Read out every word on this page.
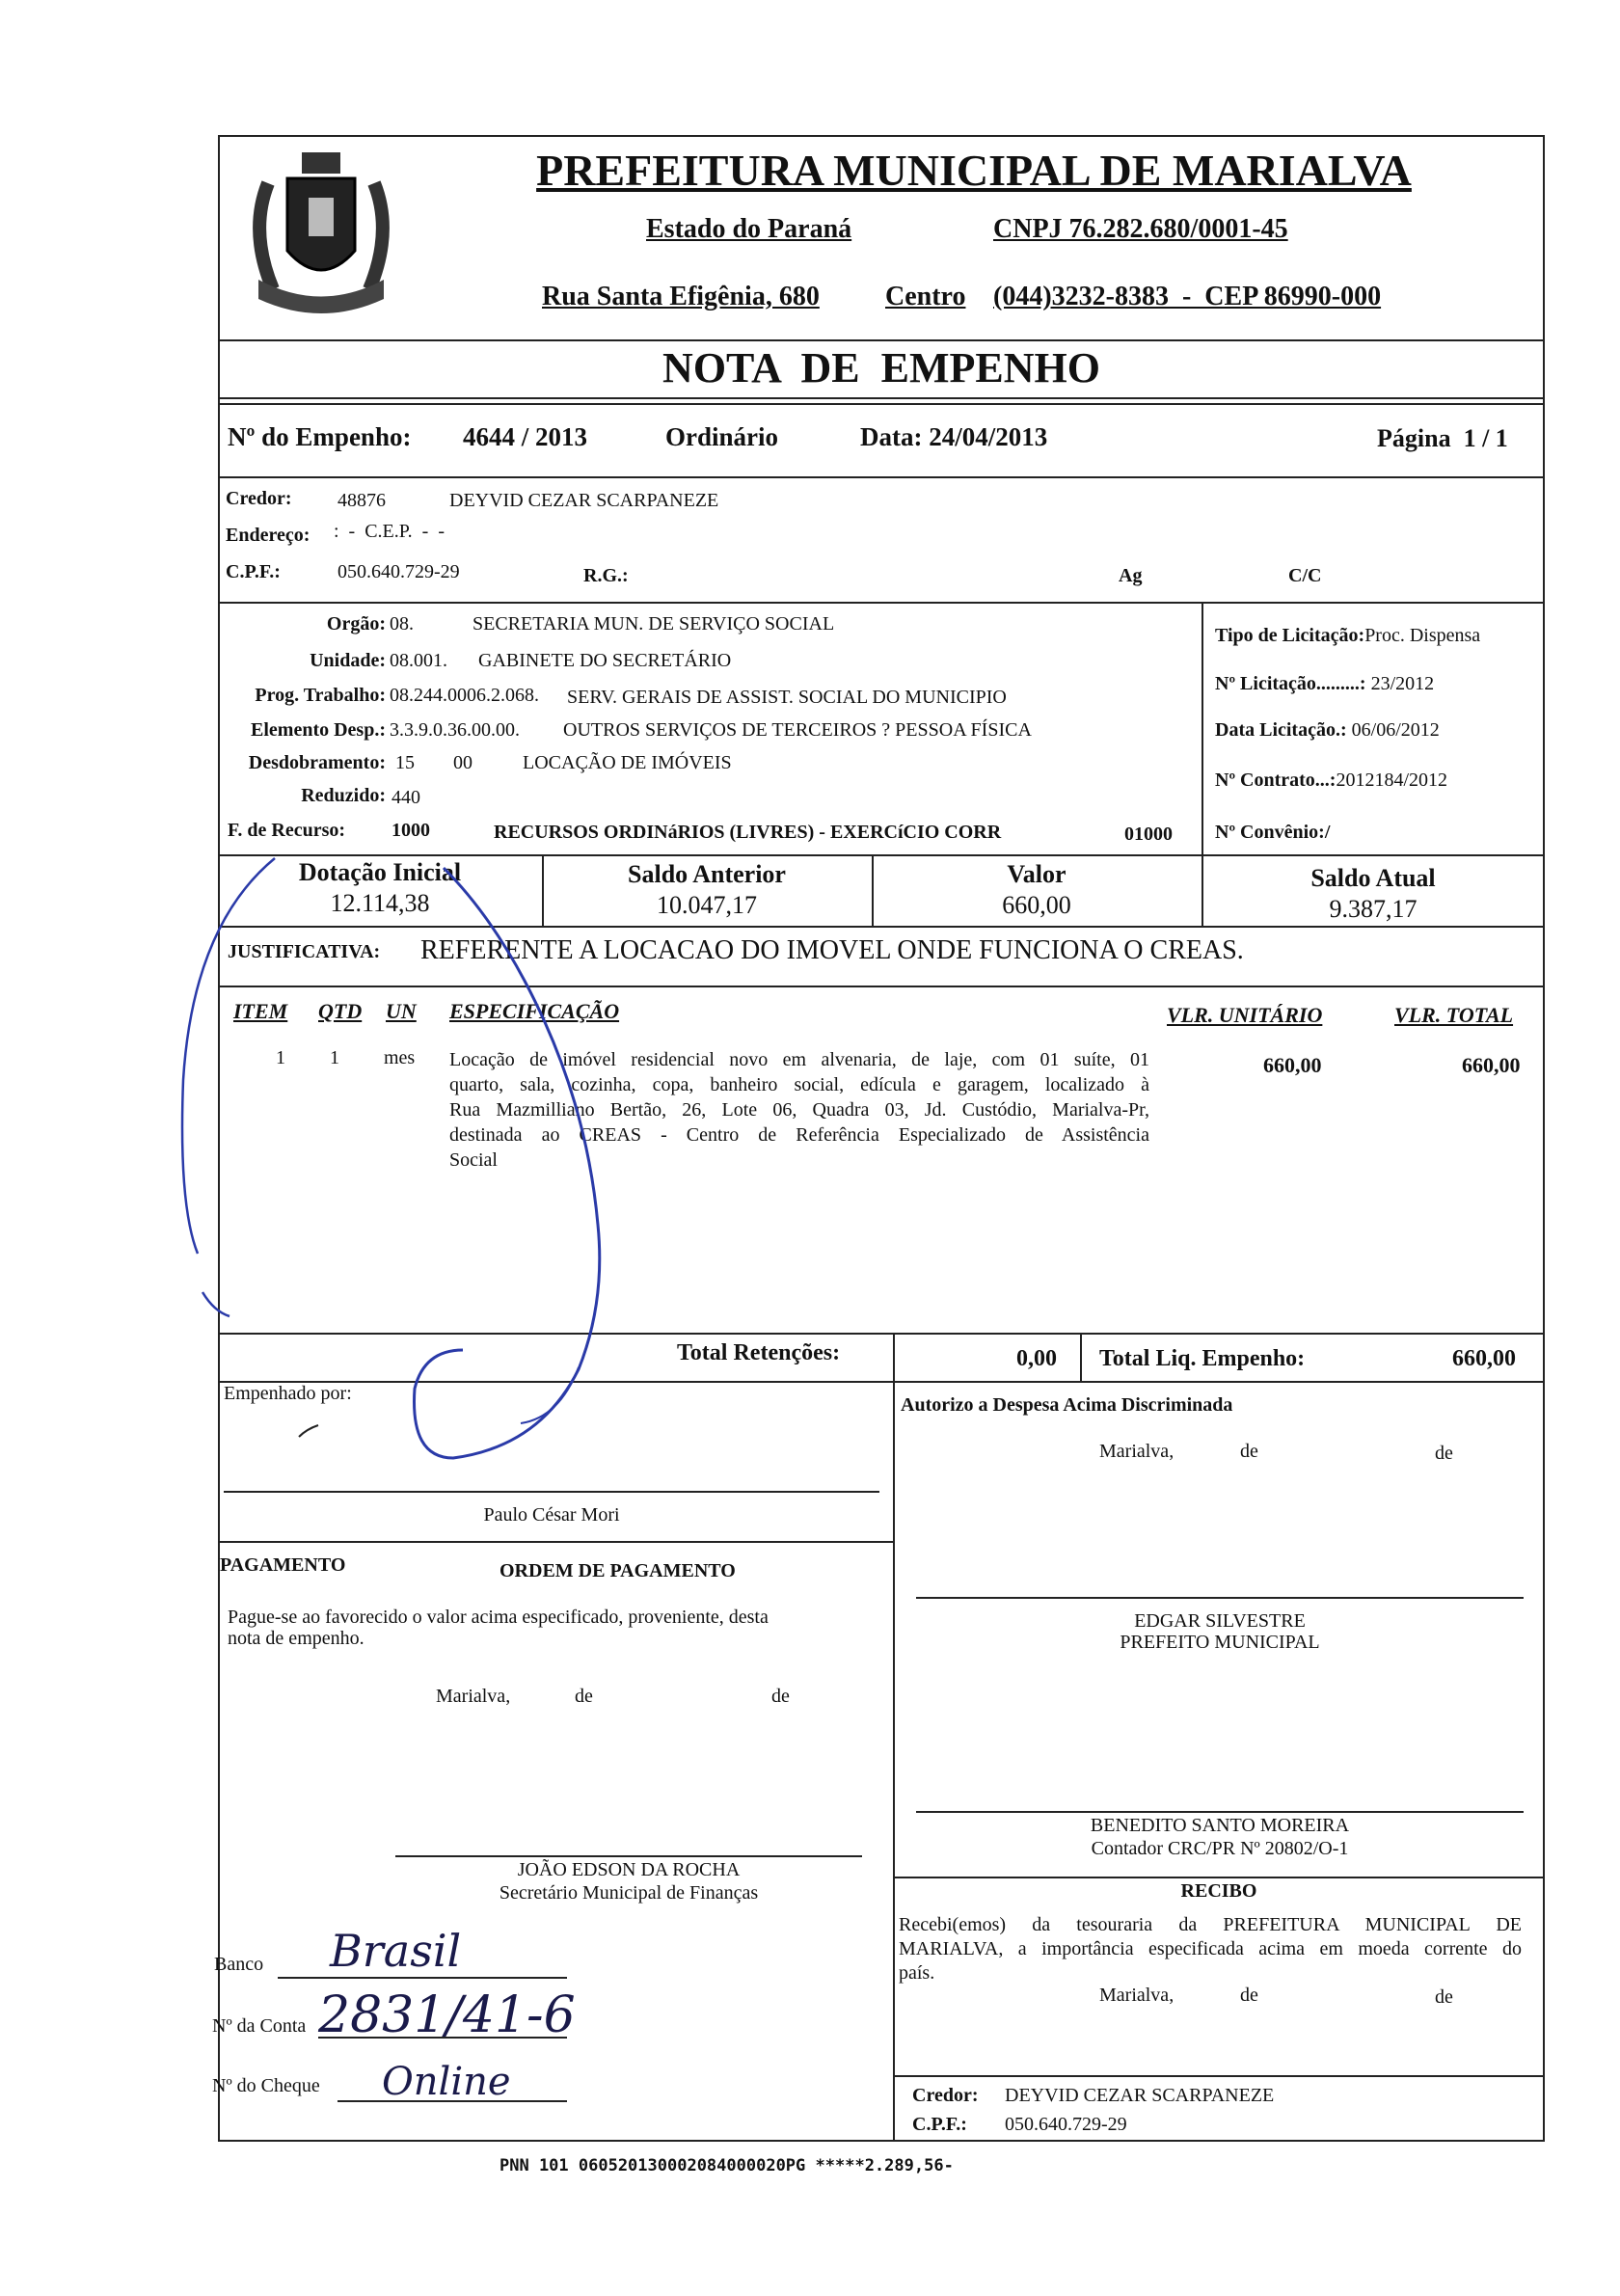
PREFEITURA MUNICIPAL DE MARIALVA
Estado do Paraná	CNPJ 76.282.680/0001-45
Rua Santa Efigênia, 680 Centro (044)3232-8383  -  CEP 86990-000
NOTA  DE  EMPENHO
Nº do Empenho: 4644 / 2013	Ordinário	Data: 24/04/2013	Página  1 / 1
Credor: 48876	DEYVID CEZAR SCARPANEZE
Endereço: :  -  C.E.P.  -  -
C.P.F.:	050.640.729-29	R.G.:	Ag	C/C
Orgão: 08.	SECRETARIA MUN. DE SERVIÇO SOCIAL
Unidade: 08.001. GABINETE DO SECRETÁRIO
Prog. Trabalho: 08.244.0006.2.068. SERV. GERAIS DE ASSIST. SOCIAL DO MUNICIPIO
Elemento Desp.: 3.3.9.0.36.00.00. OUTROS SERVIÇOS DE TERCEIROS ? PESSOA FÍSICA
Desdobramento: 15 00	LOCAÇÃO DE IMÓVEIS
Reduzido: 440
F. de Recurso: 1000	RECURSOS ORDINáRIOS (LIVRES) - EXERCíCIO CORR	01000
Tipo de Licitação:Proc. Dispensa
Nº Licitação.........: 23/2012
Data Licitação.: 06/06/2012
Nº Contrato...:2012184/2012
Nº Convênio:/
Dotação Inicial
12.114,38
Saldo Anterior
10.047,17
Valor
660,00
Saldo Atual
9.387,17
JUSTIFICATIVA: REFERENTE A LOCACAO DO IMOVEL ONDE FUNCIONA O CREAS.
ITEM QTD UN ESPECIFICAÇÃO	VLR. UNITÁRIO	VLR. TOTAL
1 1 mes Locação de imóvel residencial novo em alvenaria, de laje, com 01 suíte, 01
quarto, sala, cozinha, copa, banheiro social, edícula e garagem, localizado à
Rua Mazmilliano Bertão, 26, Lote 06, Quadra 03, Jd. Custódio, Marialva-Pr,
destinada ao CREAS - Centro de Referência Especializado de Assistência
Social
660,00	660,00
Total Retenções:	0,00 Total Liq. Empenho:	660,00
Empenhado por:
Paulo César Mori
Autorizo a Despesa Acima Discriminada
Marialva,	de	de
EDGAR SILVESTRE
PREFEITO MUNICIPAL
BENEDITO SANTO MOREIRA
Contador CRC/PR Nº 20802/O-1
PAGAMENTO	ORDEM DE PAGAMENTO
Pague-se ao favorecido o valor acima especificado, proveniente, desta
nota de empenho.
Marialva,	de	de
JOÃO EDSON DA ROCHA
Secretário Municipal de Finanças
Banco Brasil
Nº da Conta 2831/41-6
Nº do Cheque Online
RECIBO
Recebi(emos) da tesouraria da PREFEITURA MUNICIPAL DE
MARIALVA, a importância especificada acima em moeda corrente do
país.
Marialva,	de	de
Credor: DEYVID CEZAR SCARPANEZE
C.P.F.: 050.640.729-29
PNN 101 060520130002084000020PG *****2.289,56-
